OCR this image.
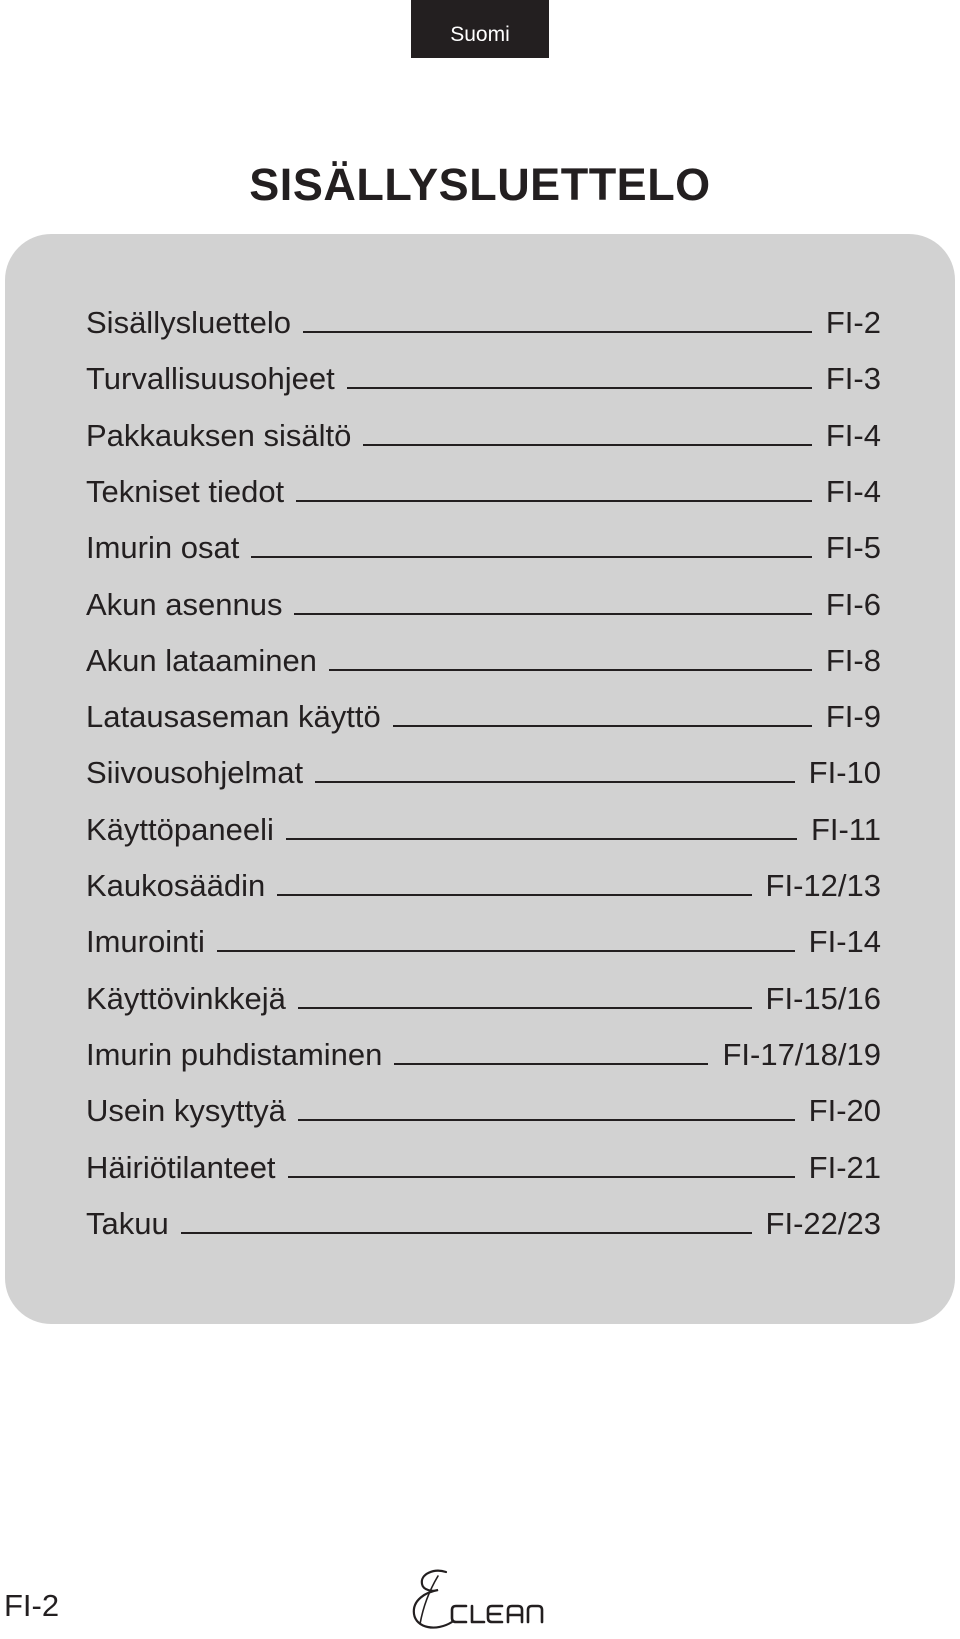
Suomi
SISÄLLYSLUETTELO
Sisällysluettelo	FI-2
Turvallisuusohjeet	FI-3
Pakkauksen sisältö	FI-4
Tekniset tiedot	FI-4
Imurin osat	FI-5
Akun asennus	FI-6
Akun lataaminen	FI-8
Latausaseman käyttö	FI-9
Siivousohjelmat	FI-10
Käyttöpaneeli	FI-11
Kaukosäädin	FI-12/13
Imurointi	FI-14
Käyttövinkkejä	FI-15/16
Imurin puhdistaminen	FI-17/18/19
Usein kysyttyä	FI-20
Häiriötilanteet	FI-21
Takuu	FI-22/23
FI-2
